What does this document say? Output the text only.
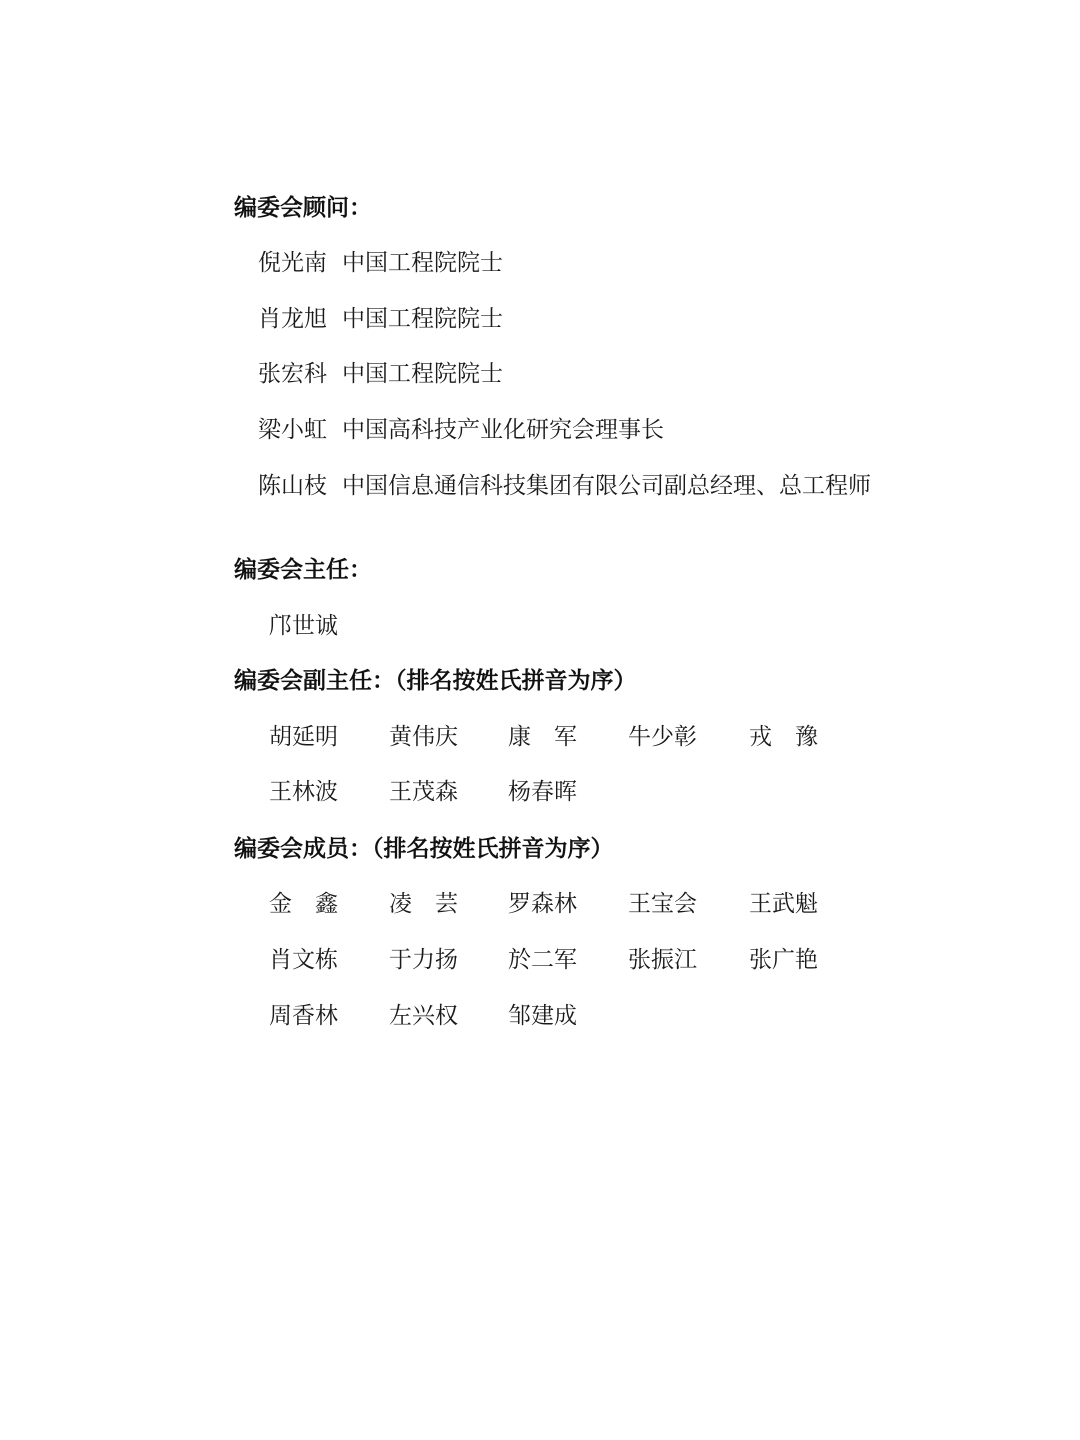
编委会顾问：
倪光南 中国工程院院士
肖龙旭 中国工程院院士
张宏科 中国工程院院士
梁小虹 中国高科技产业化研究会理事长
陈山枝 中国信息通信科技集团有限公司副总经理、总工程师
编委会主任：
邝世诚
编委会副主任：（排名按姓氏拼音为序）
胡延明 黄伟庆 康军 牛少彰 戎豫
王林波 王茂森 杨春晖
编委会成员：（排名按姓氏拼音为序）
金鑫 凌芸 罗森林 王宝会 王武魁
肖文栋 于力扬 於二军 张振江 张广艳
周香林 左兴权 邹建成
